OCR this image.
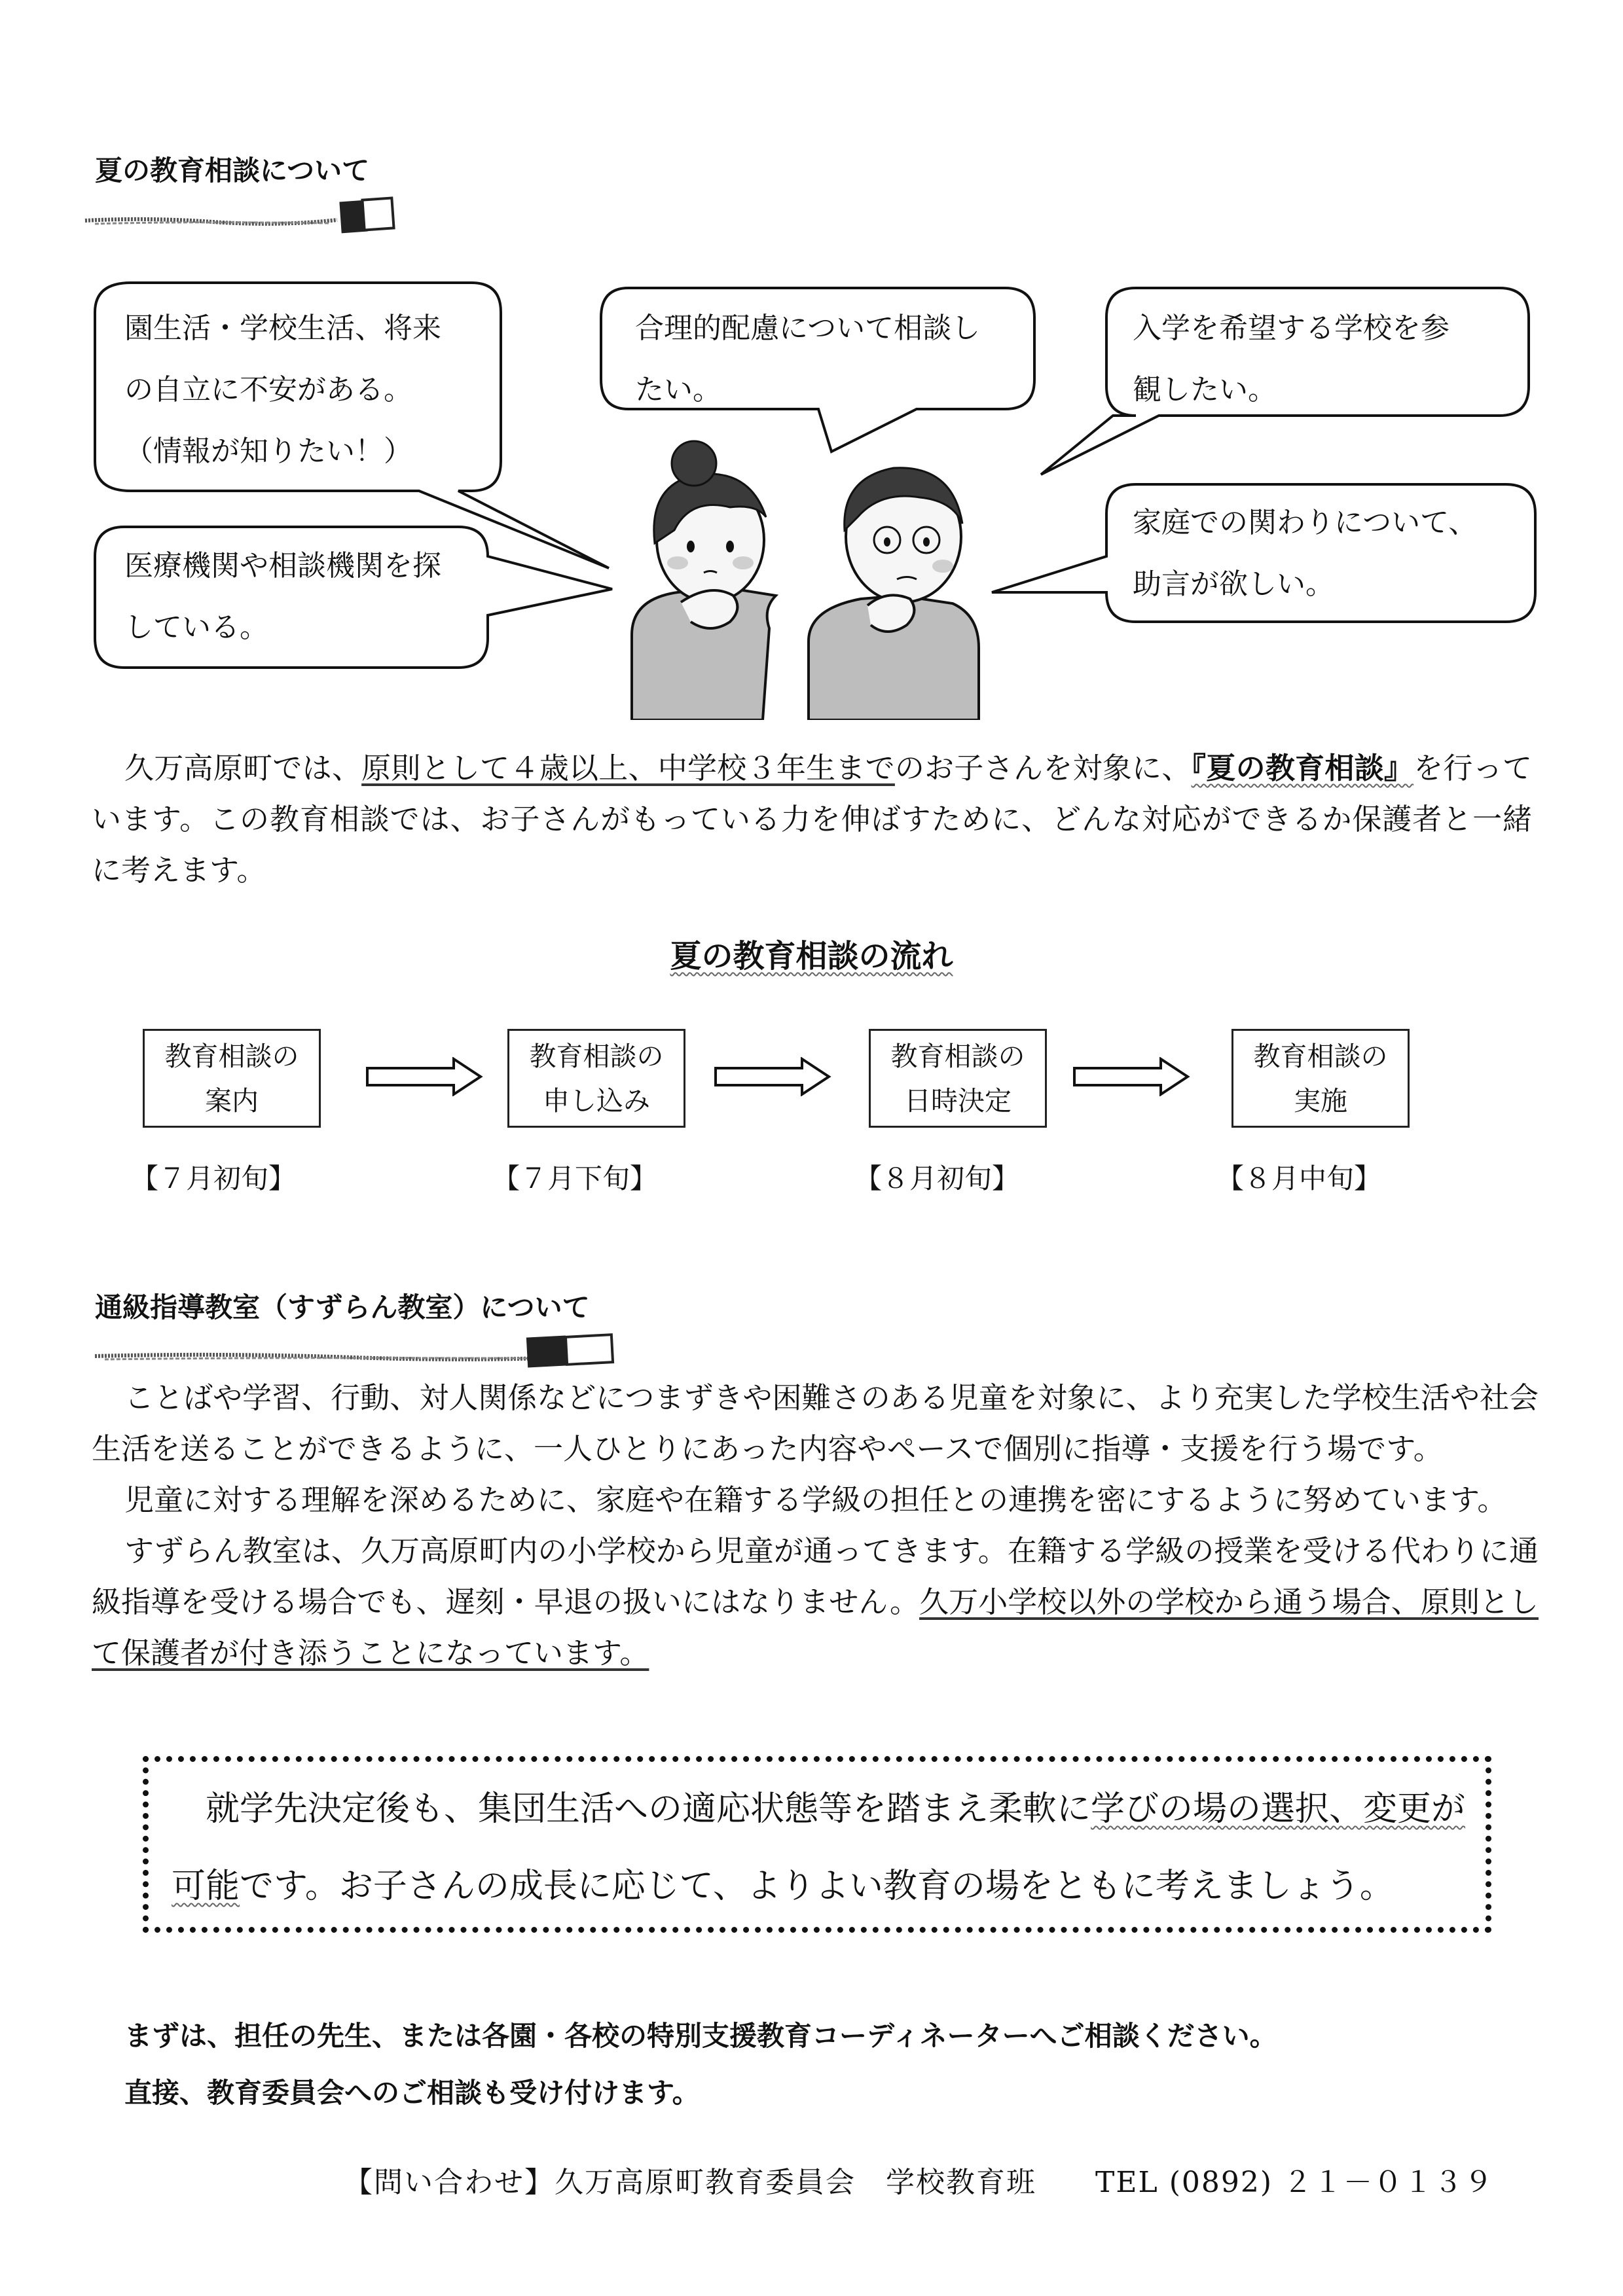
夏の教育相談について
園生活・学校生活、将来
の自立に不安がある。
（情報が知りたい！）
合理的配慮について相談し
たい。
入学を希望する学校を参
観したい。
医療機関や相談機関を探
している。
家庭での関わりについて、
助言が欲しい。
久万高原町では、原則として４歳以上、中学校３年生までのお子さんを対象に、『夏の教育相談』を行っています。この教育相談では、お子さんがもっている力を伸ばすために、どんな対応ができるか保護者と一緒に考えます。
夏の教育相談の流れ
教育相談の
案内
教育相談の
申し込み
教育相談の
日時決定
教育相談の
実施
【７月初旬】	【７月下旬】	【８月初旬】	【８月中旬】
通級指導教室（すずらん教室）について
ことばや学習、行動、対人関係などにつまずきや困難さのある児童を対象に、より充実した学校生活や社会生活を送ることができるように、一人ひとりにあった内容やペースで個別に指導・支援を行う場です。
児童に対する理解を深めるために、家庭や在籍する学級の担任との連携を密にするように努めています。
すずらん教室は、久万高原町内の小学校から児童が通ってきます。在籍する学級の授業を受ける代わりに通級指導を受ける場合でも、遅刻・早退の扱いにはなりません。久万小学校以外の学校から通う場合、原則として保護者が付き添うことになっています。
就学先決定後も、集団生活への適応状態等を踏まえ柔軟に学びの場の選択、変更が可能です。お子さんの成長に応じて、よりよい教育の場をともに考えましょう。
まずは、担任の先生、または各園・各校の特別支援教育コーディネーターへご相談ください。
直接、教育委員会へのご相談も受け付けます。
【問い合わせ】久万高原町教育委員会　学校教育班 TEL (0892) ２１－０１３９
